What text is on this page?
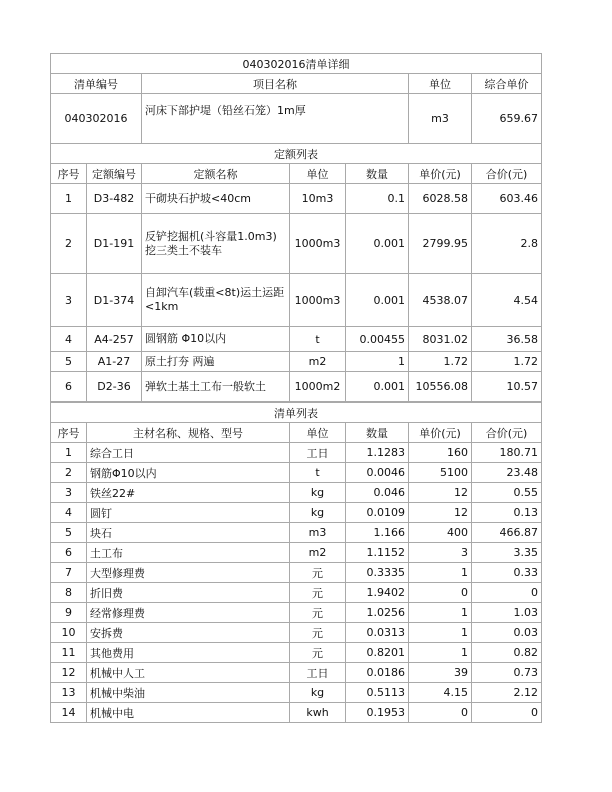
040302016清单详细						
清单编号		项目名称			单位	综合单价
040302016		河床下部护堤（铅丝石笼）1m厚			m3	659.67
定额列表						
序号	定额编号	定额名称	单位	数量	单价(元)	合价(元)
1	D3-482	干砌块石护坡<40cm	10m3	0.1	6028.58	603.46
2	D1-191	反铲挖掘机(斗容量1.0m3) 挖三类土不装车	1000m3	0.001	2799.95	2.8
3	D1-374	自卸汽车(载重<8t)运土运距<1km	1000m3	0.001	4538.07	4.54
4	A4-257	圆钢筋 Φ10以内	t	0.00455	8031.02	36.58
5	A1-27	原土打夯 两遍	m2	1	1.72	1.72
6	D2-36	弹软土基土工布一般软土	1000m2	0.001	10556.08	10.57
清单列表					
序号	主材名称、规格、型号	单位	数量	单价(元)	合价(元)
1	综合工日	工日	1.1283	160	180.71
2	钢筋Φ10以内	t	0.0046	5100	23.48
3	铁丝22#	kg	0.046	12	0.55
4	圆钉	kg	0.0109	12	0.13
5	块石	m3	1.166	400	466.87
6	土工布	m2	1.1152	3	3.35
7	大型修理费	元	0.3335	1	0.33
8	折旧费	元	1.9402	0	0
9	经常修理费	元	1.0256	1	1.03
10	安拆费	元	0.0313	1	0.03
11	其他费用	元	0.8201	1	0.82
12	机械中人工	工日	0.0186	39	0.73
13	机械中柴油	kg	0.5113	4.15	2.12
14	机械中电	kwh	0.1953	0	0
